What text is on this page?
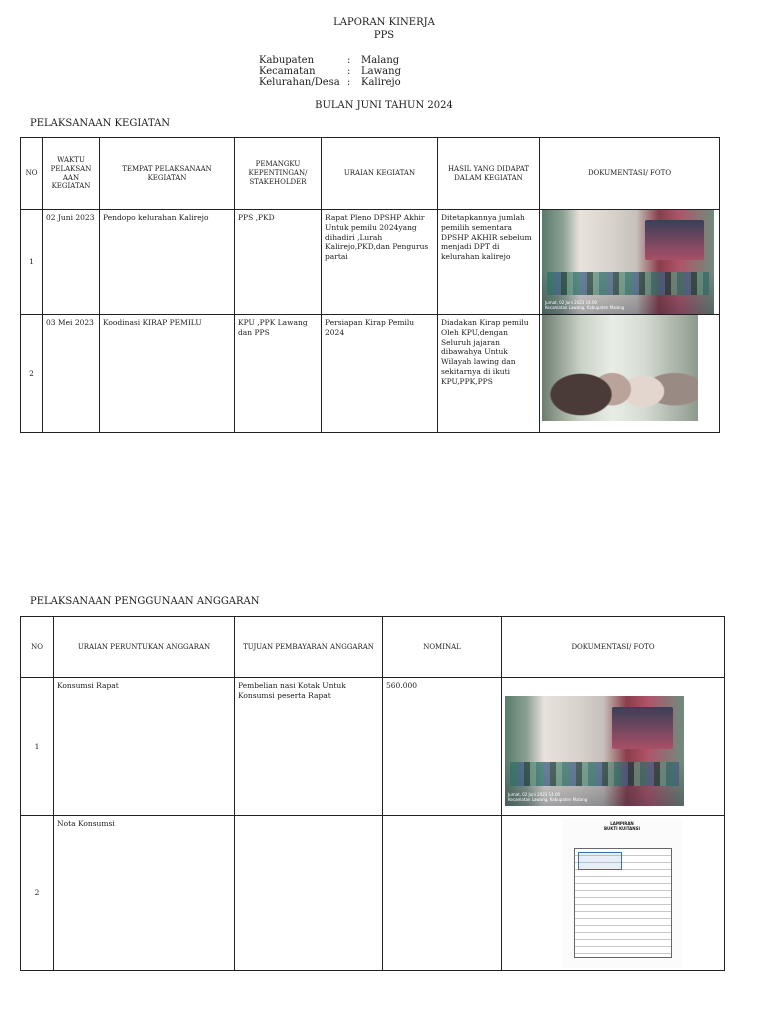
LAPORAN KINERJA
PPS
Kabupaten	: Malang
Kecamatan	: Lawang
Kelurahan/Desa : Kalirejo
BULAN JUNI TAHUN 2024
PELAKSANAAN KEGIATAN
NO	WAKTU PELAKSAN AAN KEGIATAN	TEMPAT PELAKSANAAN KEGIATAN	PEMANGKU KEPENTINGAN/ STAKEHOLDER	URAIAN KEGIATAN	HASIL YANG DIDAPAT DALAM KEGIATAN	DOKUMENTASI/ FOTO
1	02 Juni 2023	Pendopo kelurahan Kalirejo	PPS ,PKD	Rapat Pleno DPSHP Akhir Untuk pemilu 2024yang dihadiri ,Lurah Kalirejo,PKD,dan Pengurus partai	Ditetapkannya jumlah pemilih sementara DPSHP AKHIR sebelum menjadi DPT di kelurahan kalirejo	Jumat, 02 Juni 2023 14.00
Kecamatan Lawang, Kabupaten Malang

2	03 Mei 2023	Koodinasi KIRAP PEMILU	KPU ,PPK Lawang dan PPS	Persiapan Kirap Pemilu 2024	Diadakan Kirap pemilu Oleh KPU,dengan Seluruh jajaran dibawahya Untuk Wilayah lawing dan sekitarnya di ikuti KPU,PPK,PPS	
PELAKSANAAN PENGGUNAAN ANGGARAN
NO	URAIAN PERUNTUKAN ANGGARAN	TUJUAN PEMBAYARAN ANGGARAN	NOMINAL	DOKUMENTASI/ FOTO
1	Konsumsi Rapat	Pembelian nasi Kotak Untuk Konsumsi peserta Rapat	560.000	Jumat, 02 Juni 2023 14.00
Kecamatan Lawang, Kabupaten Malang

2	Nota Konsumsi			LAMPIRAN
BUKTI KUITANSI
